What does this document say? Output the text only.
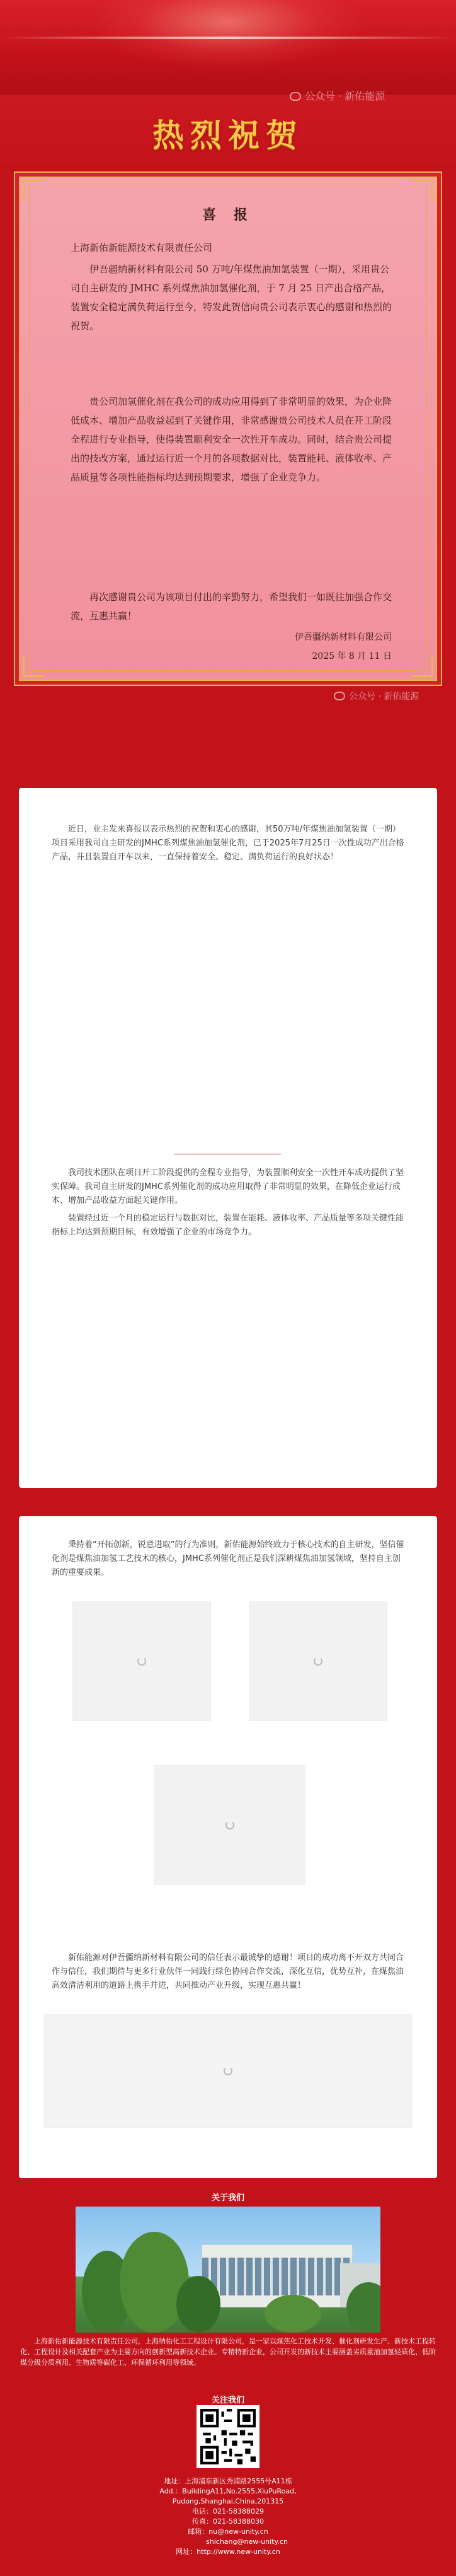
公众号 · 新佑能源
热烈祝贺
喜 报
上海新佑新能源技术有限责任公司
伊吾疆纳新材料有限公司 50 万吨/年煤焦油加氢装置（一期），采用贵公司自主研发的 JMHC 系列煤焦油加氢催化剂，于 7 月 25 日产出合格产品，装置安全稳定满负荷运行至今，特发此贺信向贵公司表示衷心的感谢和热烈的祝贺。
贵公司加氢催化剂在我公司的成功应用得到了非常明显的效果，为企业降低成本、增加产品收益起到了关键作用，非常感谢贵公司技术人员在开工阶段全程进行专业指导，使得装置顺利安全一次性开车成功。同时，结合贵公司提出的技改方案，通过运行近一个月的各项数据对比，装置能耗、液体收率、产品质量等各项性能指标均达到预期要求，增强了企业竞争力。
再次感谢贵公司为该项目付出的辛勤努力，希望我们一如既往加强合作交流，互惠共赢！
伊吾疆纳新材料有限公司
2025 年 8 月 11 日
公众号 · 新佑能源
近日，业主发来喜报以表示热烈的祝贺和衷心的感谢，其50万吨/年煤焦油加氢装置（一期）项目采用我司自主研发的JMHC系列煤焦油加氢催化剂，已于2025年7月25日一次性成功产出合格产品，并且装置自开车以来，一直保持着安全、稳定、满负荷运行的良好状态！
我司技术团队在项目开工阶段提供的全程专业指导，为装置顺利安全一次性开车成功提供了坚实保障。我司自主研发的JMHC系列催化剂的成功应用取得了非常明显的效果，在降低企业运行成本、增加产品收益方面起关键作用。
装置经过近一个月的稳定运行与数据对比，装置在能耗、液体收率、产品质量等多项关键性能指标上均达到预期目标，有效增强了企业的市场竞争力。
秉持着“开拓创新，锐意进取”的行为准则，新佑能源始终致力于核心技术的自主研发，坚信催化剂是煤焦油加氢工艺技术的核心，JMHC系列催化剂正是我们深耕煤焦油加氢领域，坚持自主创新的重要成果。
新佑能源对伊吾疆纳新材料有限公司的信任表示最诚挚的感谢！项目的成功离不开双方共同合作与信任，我们期待与更多行业伙伴一同践行绿色协同合作交流，深化互信，优势互补，在煤焦油高效清洁利用的道路上携手并进，共同推动产业升级，实现互惠共赢！
关于我们
上海新佑新能源技术有限责任公司，上海纳佑化工工程设计有限公司，是一家以煤焦化工技术开发、催化剂研发生产、新技术工程转化、工程设计及相关配套产业为主要方向的创新型高新技术企业。专精特新企业，公司开发的新技术主要涵盖劣质重油加氢轻质化、低阶煤分级分质利用、生物质等碳化工、环保循环利用等领域。
关注我们
地址：上海浦东新区秀浦路2555号A11栋
Add.：BuildingA11,No.2555,XiuPuRoad,
Pudong,Shanghai,China,201315
电话：021-58388029
传真：021-58388030
邮箱：nu@new-unity.cn
shichang@new-unity.cn
网址：http://www.new-unity.cn
